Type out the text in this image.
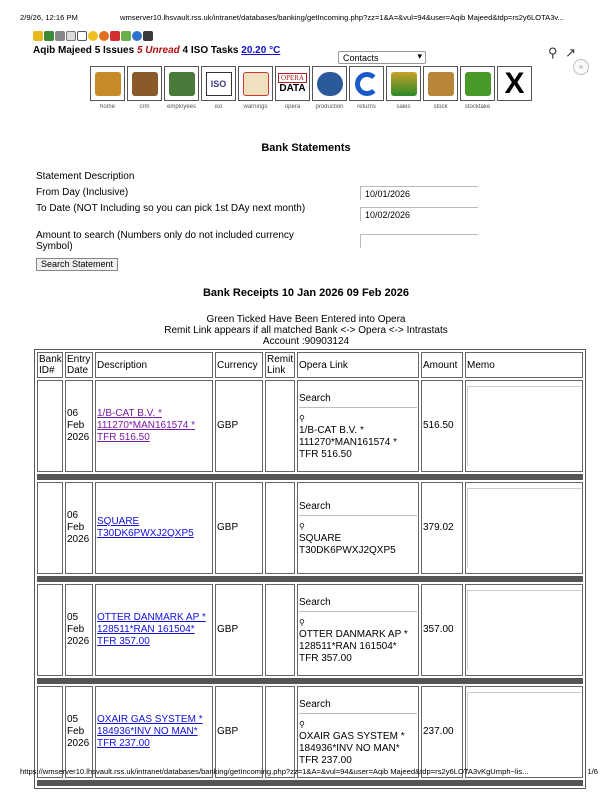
2/9/26, 12:16 PM	wmserver10.lhsvault.rss.uk/intranet/databases/banking/getIncoming.php?zz=1&A=&vul=94&user=Aqib Majeed&tdp=rs2y6LOTA3v...
Aqib Majeed 5 Issues 5 Unread 4 ISO Tasks 20.20 °C
Contacts	▾	⚲ ↗
»
ISO
OPERA
DATA	X
home	crm	employees	iso	warnings	opera	production	returns	sales	stock	stocktake
Bank Statements
Statement Description
From Day (Inclusive)	10/01/2026
To Date (NOT Including so you can pick 1st DAy next month)
10/02/2026
Amount to search (Numbers only do not included currency Symbol)
Search Statement
Bank Receipts 10 Jan 2026 09 Feb 2026
Green Ticked Have Been Entered into Opera
Remit Link appears if all matched Bank <-> Opera <-> Intrastats
Account :90903124
Bank ID#	Entry Date	Description	Currency	Remit Link	Opera Link	Amount	Memo
	06
Feb
2026	1/B-CAT B.V. * 111270*MAN161574 * TFR 516.50	GBP		Search
⚲
1/B-CAT B.V. * 111270*MAN161574 * TFR 516.50	516.50	

	06
Feb
2026	SQUARE T30DK6PWXJ2QXP5	GBP		Search
⚲
SQUARE T30DK6PWXJ2QXP5	379.02	

	05
Feb
2026	OTTER DANMARK AP * 128511*RAN 161504* TFR 357.00	GBP		Search
⚲
OTTER DANMARK AP * 128511*RAN 161504* TFR 357.00	357.00	

	05
Feb
2026	OXAIR GAS SYSTEM * 184936*INV NO MAN* TFR 237.00	GBP		Search
⚲
OXAIR GAS SYSTEM * 184936*INV NO MAN* TFR 237.00	237.00	

https://wmserver10.lhsvault.rss.uk/intranet/databases/banking/getIncoming.php?zz=1&A=&vul=94&user=Aqib Majeed&tdp=rs2y6LOTA3vKgUmph~lis...	1/6
